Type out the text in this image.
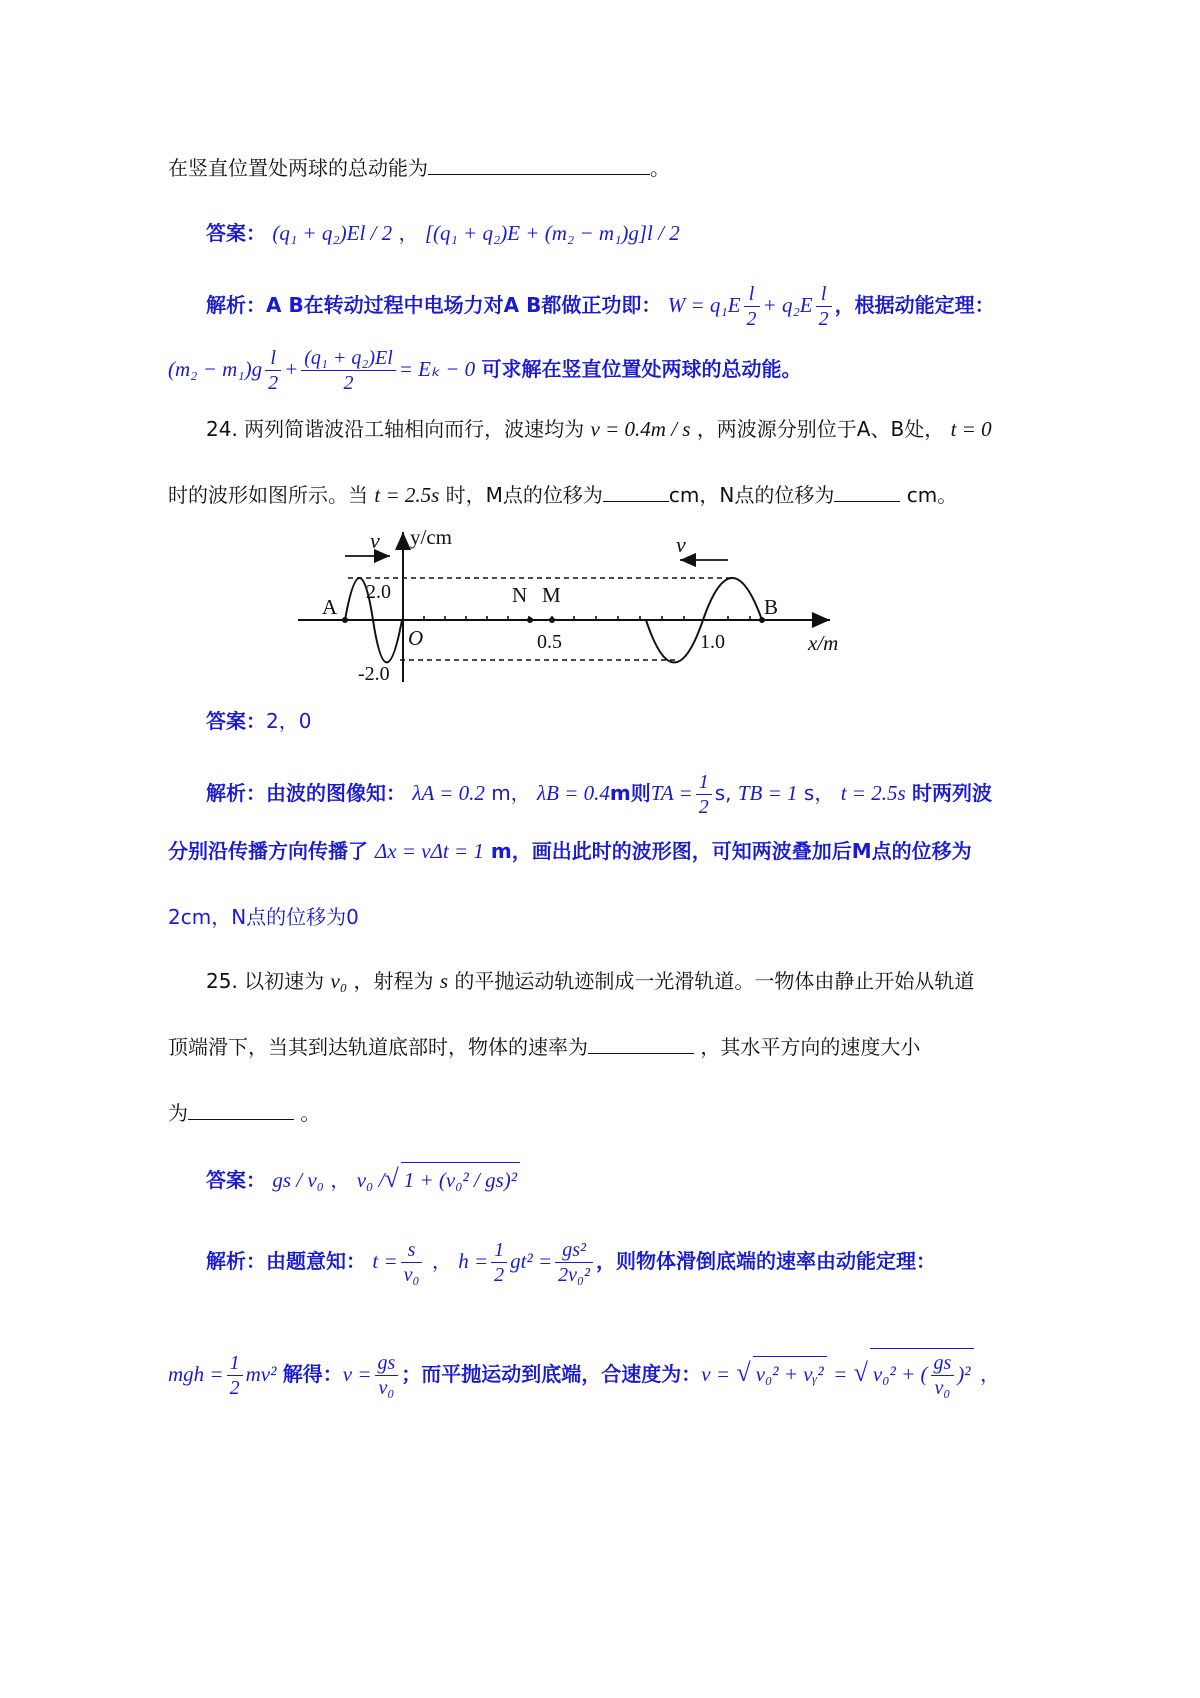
在竖直位置处两球的总动能为	。
答案： (q₁ + q₂)El / 2 ， [(q₁ + q₂)E + (m₂ − m₁)g]l / 2
解析：A B在转动过程中电场力对A B都做正功即： $W = q_1E \frac{l}{2} + q_2E \frac{l}{2}$ ，根据动能定理：
$(m_2 - m_1)g \frac{l}{2} + \frac{\text{(q₁ + q₂)El}}{2} = E_k - 0$ 可求解在竖直位置处两球的总动能。
24. 两列简谐波沿工轴相向而行，波速均为 v = 0.4m / s ，两波源分别位于A、B处， t = 0
时的波形如图所示。当 t = 2.5s 时，M点的位移为	cm，N点的位移为	cm。
v	v
y/cm
x/m
A	B
N M
O
2.0
-2.0
0.5	1.0
答案：2，0
解析：由波的图像知： λA = 0.2 m， λB = 0.4m则TA = $\frac{1}{2} s$, TB = 1 s， t = 2.5s 时两列波
分别沿传播方向传播了 Δx = vΔt = 1 m，画出此时的波形图，可知两波叠加后M点的位移为
2cm，N点的位移为0
25. 以初速为 v₀ ，射程为 s 的平抛运动轨迹制成一光滑轨道。一物体由静止开始从轨道
顶端滑下，当其到达轨道底部时，物体的速率为	，其水平方向的速度大小
为	。
答案： gs / v₀ ， v₀ /√ 1 + (v₀² / gs)²
解析：由题意知： $t = \frac{s}{\text{v₀}}$ ， $h = \frac{1}{2} gt^2 = \frac{\text{gs²}}{\text{2v₀²}}$ ，则物体滑倒底端的速率由动能定理：
mgh = $\frac{1}{2} mv^2$ 解得：$v = \frac{gs}{\text{v₀}}$ ；而平抛运动到底端，合速度为：v = √ v₀² + vᵧ² = √ v₀² + ( $\frac{gs}{\text{v₀}} )^2$ ，
